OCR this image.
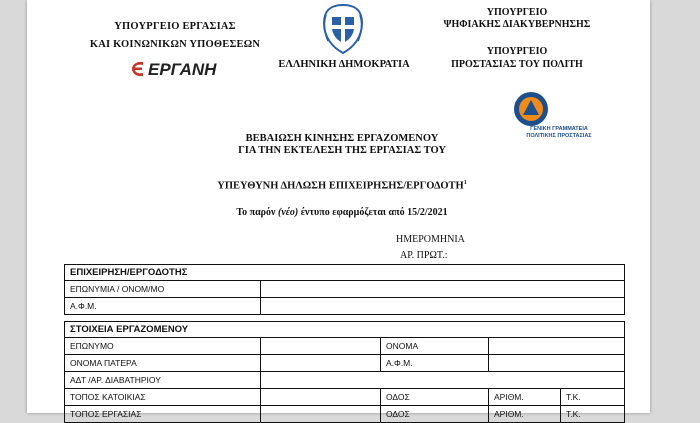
ΥΠΟΥΡΓΕΙΟ ΕΡΓΑΣΙΑΣ
ΚΑΙ ΚΟΙΝΩΝΙΚΩΝ ΥΠΟΘΕΣΕΩΝ
ΕΡΓΑΝΗ	ΕΛΛΗΝΙΚΗ ΔΗΜΟΚΡΑΤΙΑ
ΥΠΟΥΡΓΕΙΟ
ΨΗΦΙΑΚΗΣ ΔΙΑΚΥΒΕΡΝΗΣΗΣ
ΥΠΟΥΡΓΕΙΟ
ΠΡΟΣΤΑΣΙΑΣ ΤΟΥ ΠΟΛΙΤΗ
ΓΕΝΙΚΗ ΓΡΑΜΜΑΤΕΙΑ
ΠΟΛΙΤΙΚΗΣ ΠΡΟΣΤΑΣΙΑΣ
ΒΕΒΑΙΩΣΗ ΚΙΝΗΣΗΣ ΕΡΓΑΖΟΜΕΝΟΥ
ΓΙΑ ΤΗΝ ΕΚΤΕΛΕΣΗ ΤΗΣ ΕΡΓΑΣΙΑΣ ΤΟΥ
ΥΠΕΥΘΥΝΗ ΔΗΛΩΣΗ ΕΠΙΧΕΙΡΗΣΗΣ/ΕΡΓΟΔΟΤΗ$^1$
Το παρόν (νέο) έντυπο εφαρμόζεται από 15/2/2021
ΗΜΕΡΟΜΗΝΙΑ
ΑΡ. ΠΡΩΤ.:
ΕΠΙΧΕΙΡΗΣΗ/ΕΡΓΟΔΟΤΗΣ	
ΕΠΩΝΥΜΙΑ / ΟΝΟΜ/ΜΟ	
Α.Φ.Μ.	
ΣΤΟΙΧΕΙΑ ΕΡΓΑΖΟΜΕΝΟΥ				
ΕΠΩΝΥΜΟ		ΟΝΟΜΑ		
ΟΝΟΜΑ ΠΑΤΕΡΑ		Α.Φ.Μ.		
ΑΔΤ /ΑΡ. ΔΙΑΒΑΤΗΡΙΟΥ				
ΤΟΠΟΣ ΚΑΤΟΙΚΙΑΣ		ΟΔΟΣ	ΑΡΙΘΜ.	Τ.Κ.
ΤΟΠΟΣ ΕΡΓΑΣΙΑΣ		ΟΔΟΣ	ΑΡΙΘΜ.	Τ.Κ.
